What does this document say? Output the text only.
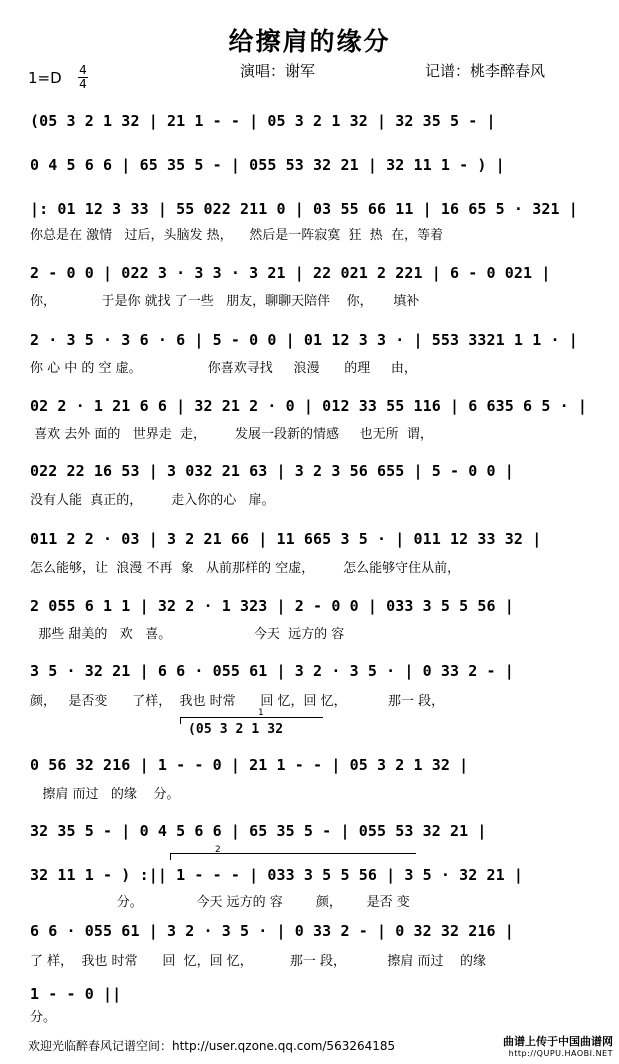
给擦肩的缘分
演唱：谢军	记谱：桃李醉春风
1=D 4
4
(05 3 2 1 32 | 21 1 - - | 05 3 2 1 32 | 32 35 5 - |
0 4 5 6 6 | 65 35 5 - | 055 53 32 21 | 32 11 1 - ) |
|: 01 12 3 33 | 55 022 211 0 | 03 55 66 11 | 16 65 5 · 321 |
你总是在 激情   过后，头脑发 热，    然后是一阵寂寞  狂  热  在，等着
2 - 0 0 | 022 3 · 3 3 · 3 21 | 22 021 2 221 | 6 - 0 021 |
你，           于是你 就找 了一些   朋友，聊聊天陪伴    你，     填补
2 · 3 5 · 3 6 · 6 | 5 - 0 0 | 01 12 3 3 · | 553 3321 1 1 · |
你 心 中 的 空 虚。                你喜欢寻找     浪漫      的理     由，
02 2 · 1 21 6 6 | 32 21 2 · 0 | 012 33 55 116 | 6 635 6 5 · |
喜欢 去外 面的   世界走  走，       发展一段新的情感     也无所  谓，
022 22 16 53 | 3 032 21 63 | 3 2 3 56 655 | 5 - 0 0 |
没有人能  真正的，       走入你的心   扉。
011 2 2 · 03 | 3 2 21 66 | 11 665 3 5 · | 011 12 33 32 |
怎么能够，让  浪漫 不再  象   从前那样的 空虚，       怎么能够守住从前，
2 055 6 1 1 | 32 2 · 1 323 | 2 - 0 0 | 033 3 5 5 56 |
那些 甜美的   欢   喜。                    今天  远方的 容
3 5 · 32 21 | 6 6 · 055 61 | 3 2 · 3 5 · | 0 33 2 - |
颜，   是否变      了样，  我也 时常      回 忆，回 忆，          那一 段，
1
(05 3 2 1 32
0 56 32 216 | 1 - - 0 | 21 1 - - | 05 3 2 1 32 |
擦肩 而过   的缘    分。
32 35 5 - | 0 4 5 6 6 | 65 35 5 - | 055 53 32 21 |
2
32 11 1 - ) :|| 1 - - - | 033 3 5 5 56 | 3 5 · 32 21 |
分。             今天 远方的 容        颜，      是否 变
6 6 · 055 61 | 3 2 · 3 5 · | 0 33 2 - | 0 32 32 216 |
了 样，  我也 时常      回  忆，回 忆，         那一 段，          擦肩 而过    的缘
1 - - 0 ||
分。
欢迎光临醉春风记谱空间：http://user.qzone.qq.com/563264185	曲谱上传于中国曲谱网
http://QUPU.HAOBI.NET
